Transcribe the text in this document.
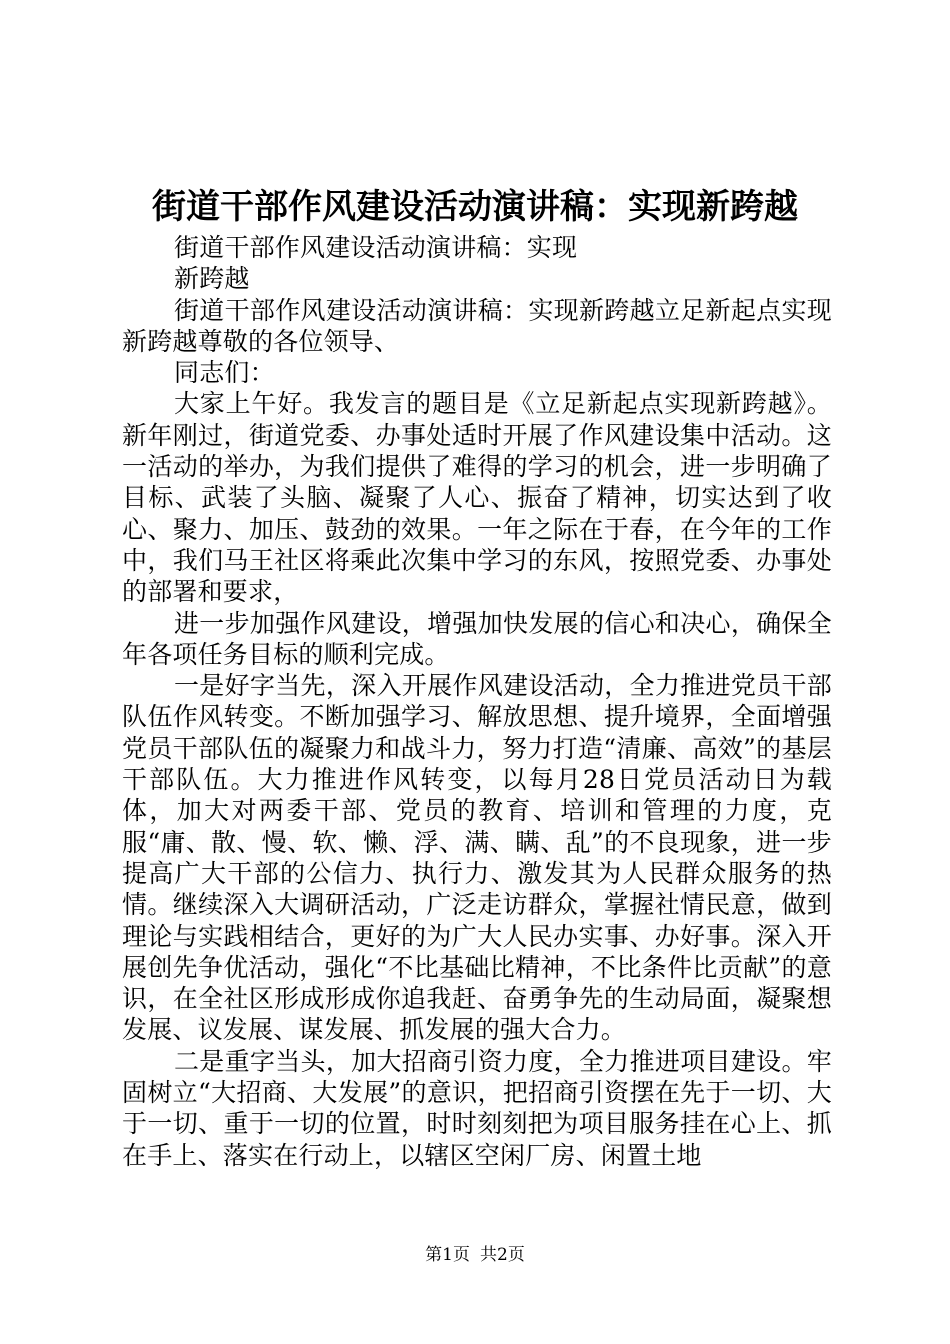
街道干部作风建设活动演讲稿：实现新跨越

街道干部作风建设活动演讲稿：实现

新跨越

街道干部作风建设活动演讲稿：实现新跨越立足新起点实现新跨越尊敬的各位领导、

同志们：

大家上午好。我发言的题目是《立足新起点实现新跨越》。新年刚过，街道党委、办事处适时开展了作风建设集中活动。这一活动的举办，为我们提供了难得的学习的机会，进一步明确了目标、武装了头脑、凝聚了人心、振奋了精神，切实达到了收心、聚力、加压、鼓劲的效果。一年之际在于春，在今年的工作中，我们马王社区将乘此次集中学习的东风，按照党委、办事处的部署和要求，

进一步加强作风建设，增强加快发展的信心和决心，确保全年各项任务目标的顺利完成。

一是好字当先，深入开展作风建设活动，全力推进党员干部队伍作风转变。不断加强学习、解放思想、提升境界，全面增强党员干部队伍的凝聚力和战斗力，努力打造“清廉、高效”的基层干部队伍。大力推进作风转变，以每月28日党员活动日为载体，加大对两委干部、党员的教育、培训和管理的力度，克服“庸、散、慢、软、懒、浮、满、瞒、乱”的不良现象，进一步提高广大干部的公信力、执行力、激发其为人民群众服务的热情。继续深入大调研活动，广泛走访群众，掌握社情民意，做到理论与实践相结合，更好的为广大人民办实事、办好事。深入开展创先争优活动，强化“不比基础比精神，不比条件比贡献”的意识，在全社区形成形成你追我赶、奋勇争先的生动局面，凝聚想发展、议发展、谋发展、抓发展的强大合力。

二是重字当头，加大招商引资力度，全力推进项目建设。牢固树立“大招商、大发展”的意识，把招商引资摆在先于一切、大于一切、重于一切的位置，时时刻刻把为项目服务挂在心上、抓在手上、落实在行动上，以辖区空闲厂房、闲置土地

第1页 共2页
